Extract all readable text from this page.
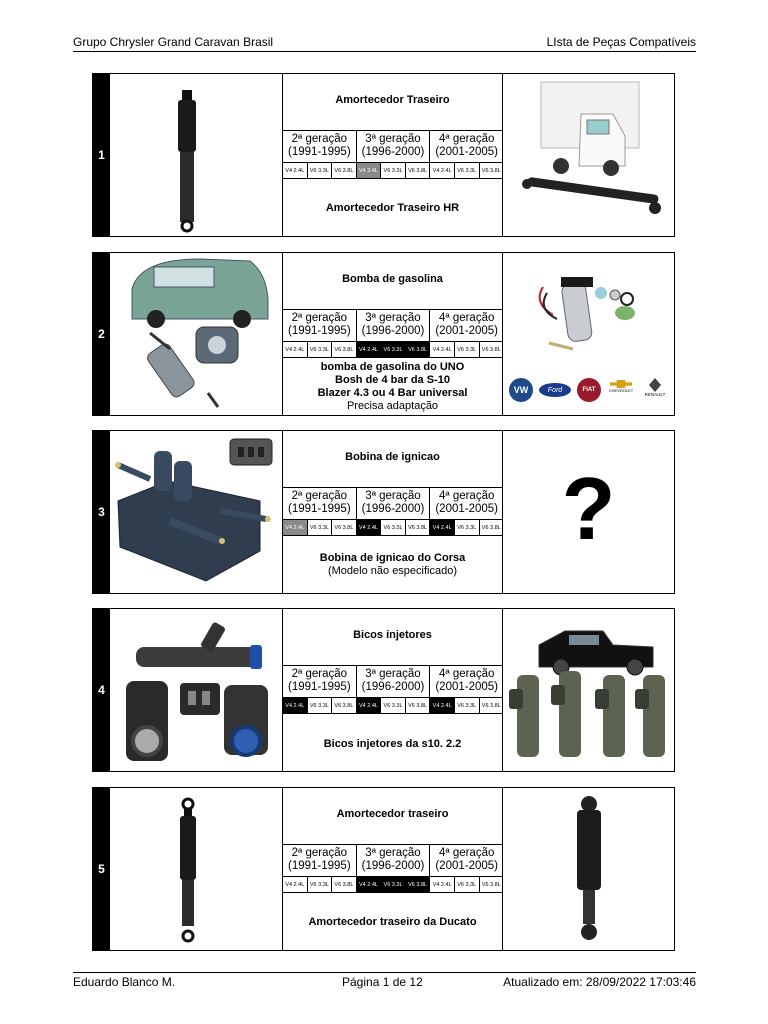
Grupo Chrysler Grand Caravan Brasil	LIsta de Peças Compatíveis
1
Amortecedor Traseiro
2ª geração
(1991-1995)
3ª geração
(1996-2000)
4ª geração
(2001-2005)
V4 2.4L	V6 3.3L	V6 3.8L	V4 2.4L	V6 3.3L	V6 3.8L	V4 2.4L	V6 3.3L	V6 3.8L
Amortecedor Traseiro HR
2
Bomba de gasolina
2ª geração
(1991-1995)
3ª geração
(1996-2000)
4ª geração
(2001-2005)
V4 2.4L	V6 3.3L	V6 3.8L	V4 2.4L	V6 3.3L	V6 3.8L	V4 2.4L	V6 3.3L	V6 3.8L
bomba de gasolina do UNO
Bosh de 4 bar da S-10
Blazer 4.3 ou 4 Bar universal
Precisa adaptação
VW	Ford	FIAT	CHEVROLET
RENAULT
3
Bobina de ignicao
2ª geração
(1991-1995)
3ª geração
(1996-2000)
4ª geração
(2001-2005)
V4 2.4L	V6 3.3L	V6 3.8L	V4 2.4L	V6 3.3L	V6 3.8L	V4 2.4L	V6 3.3L	V6 3.8L
Bobina de ignicao do Corsa
(Modelo não especificado)
?
4
Bicos injetores
2ª geração
(1991-1995)
3ª geração
(1996-2000)
4ª geração
(2001-2005)
V4 2.4L	V6 3.3L	V6 3.8L	V4 2.4L	V6 3.3L	V6 3.8L	V4 2.4L	V6 3.3L	V6 3.8L
Bicos injetores da s10. 2.2
5
Amortecedor traseiro
2ª geração
(1991-1995)
3ª geração
(1996-2000)
4ª geração
(2001-2005)
V4 2.4L	V6 3.3L	V6 3.8L	V4 2.4L	V6 3.3L	V6 3.8L	V4 2.4L	V6 3.3L	V6 3.8L
Amortecedor traseiro da Ducato
Eduardo Blanco M.	Página 1 de 12	Atualizado em: 28/09/2022 17:03:46
